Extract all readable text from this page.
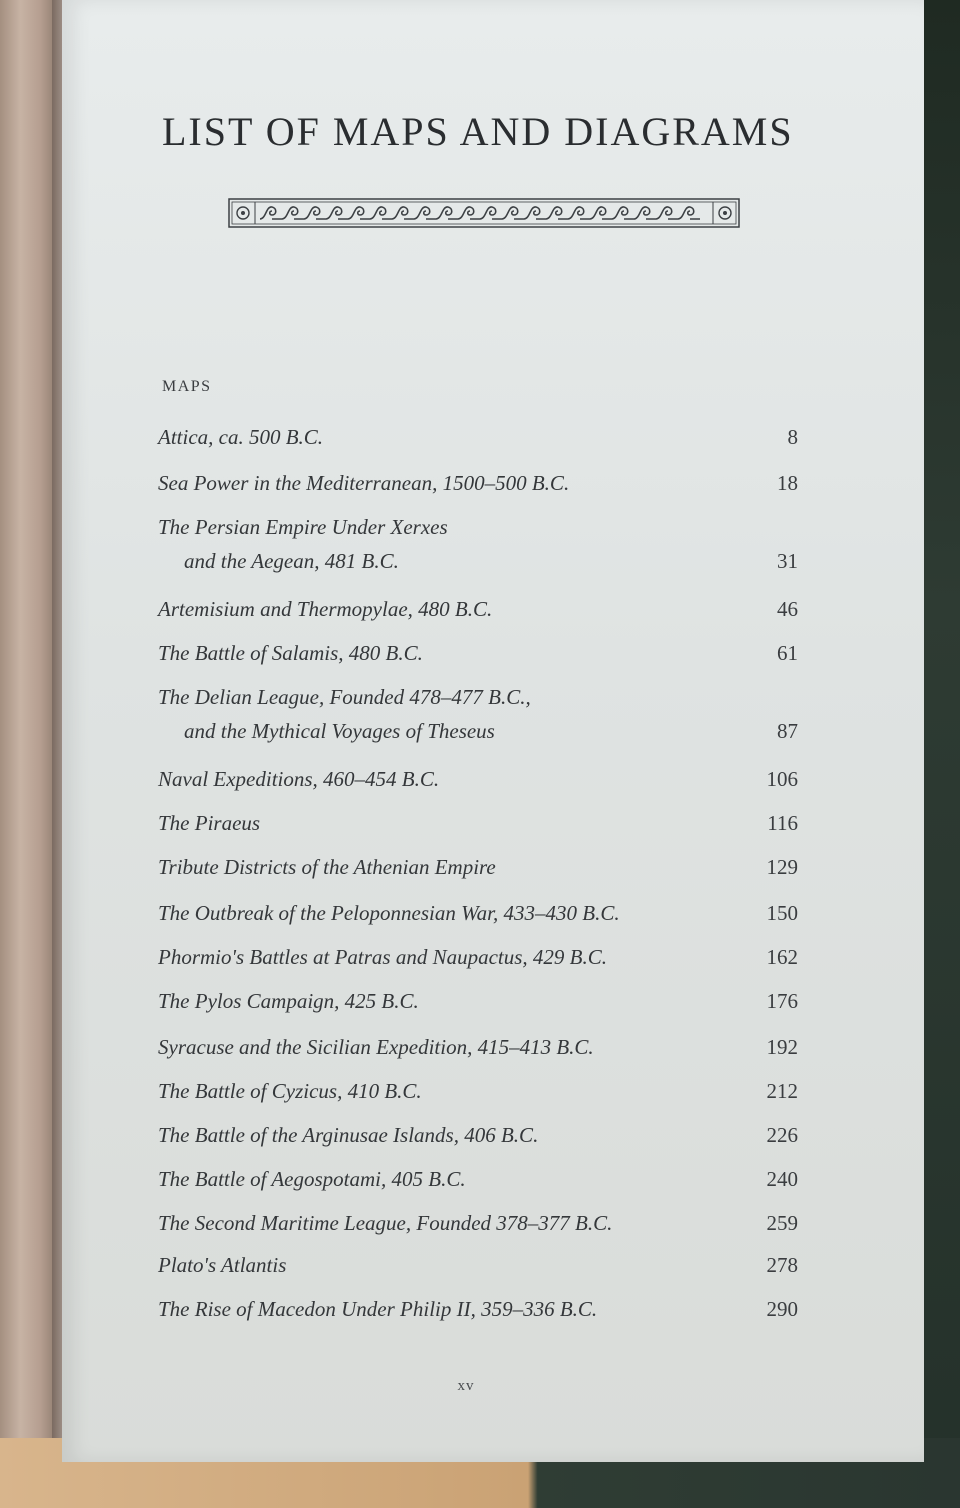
LIST OF MAPS AND DIAGRAMS
MAPS
Attica, ca. 500 B.C.	8
Sea Power in the Mediterranean, 1500–500 B.C.	18
The Persian Empire Under Xerxes
and the Aegean, 481 B.C.	31
Artemisium and Thermopylae, 480 B.C.	46
The Battle of Salamis, 480 B.C.	61
The Delian League, Founded 478–477 B.C.,
and the Mythical Voyages of Theseus	87
Naval Expeditions, 460–454 B.C.	106
The Piraeus	116
Tribute Districts of the Athenian Empire	129
The Outbreak of the Peloponnesian War, 433–430 B.C.	150
Phormio's Battles at Patras and Naupactus, 429 B.C.	162
The Pylos Campaign, 425 B.C.	176
Syracuse and the Sicilian Expedition, 415–413 B.C.	192
The Battle of Cyzicus, 410 B.C.	212
The Battle of the Arginusae Islands, 406 B.C.	226
The Battle of Aegospotami, 405 B.C.	240
The Second Maritime League, Founded 378–377 B.C.	259
Plato's Atlantis	278
The Rise of Macedon Under Philip II, 359–336 B.C.	290
xv
